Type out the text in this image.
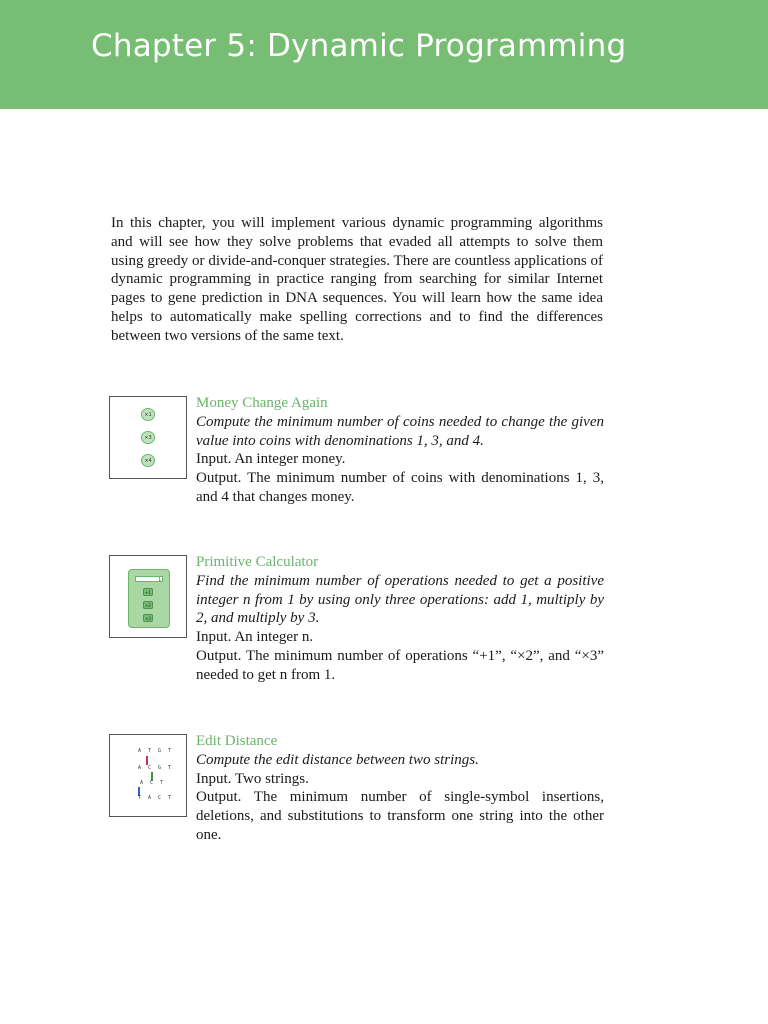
Chapter 5: Dynamic Programming

In this chapter, you will implement various dynamic programming algorithms and will see how they solve problems that evaded all attempts to solve them using greedy or divide-and-conquer strategies. There are countless applications of dynamic programming in practice ranging from searching for similar Internet pages to gene prediction in DNA sequences. You will learn how the same idea helps to automatically make spelling corrections and to find the differences between two versions of the same text.

×1
×3
×4
Money Change Again
Compute the minimum number of coins needed to change the given value into coins with denominations 1, 3, and 4.
Input. An integer money.
Output. The minimum number of coins with denominations 1, 3, and 4 that changes money.
1
+1
×2
×3
Primitive Calculator
Find the minimum number of operations needed to get a positive integer n from 1 by using only three operations: add 1, multiply by 2, and multiply by 3.
Input. An integer n.
Output. The minimum number of operations “+1”, “×2”, and “×3” needed to get n from 1.
A T G T
A C G T
A C T
T A C T
Edit Distance
Compute the edit distance between two strings.
Input. Two strings.
Output. The minimum number of single-symbol insertions, deletions, and substitutions to transform one string into the other one.
